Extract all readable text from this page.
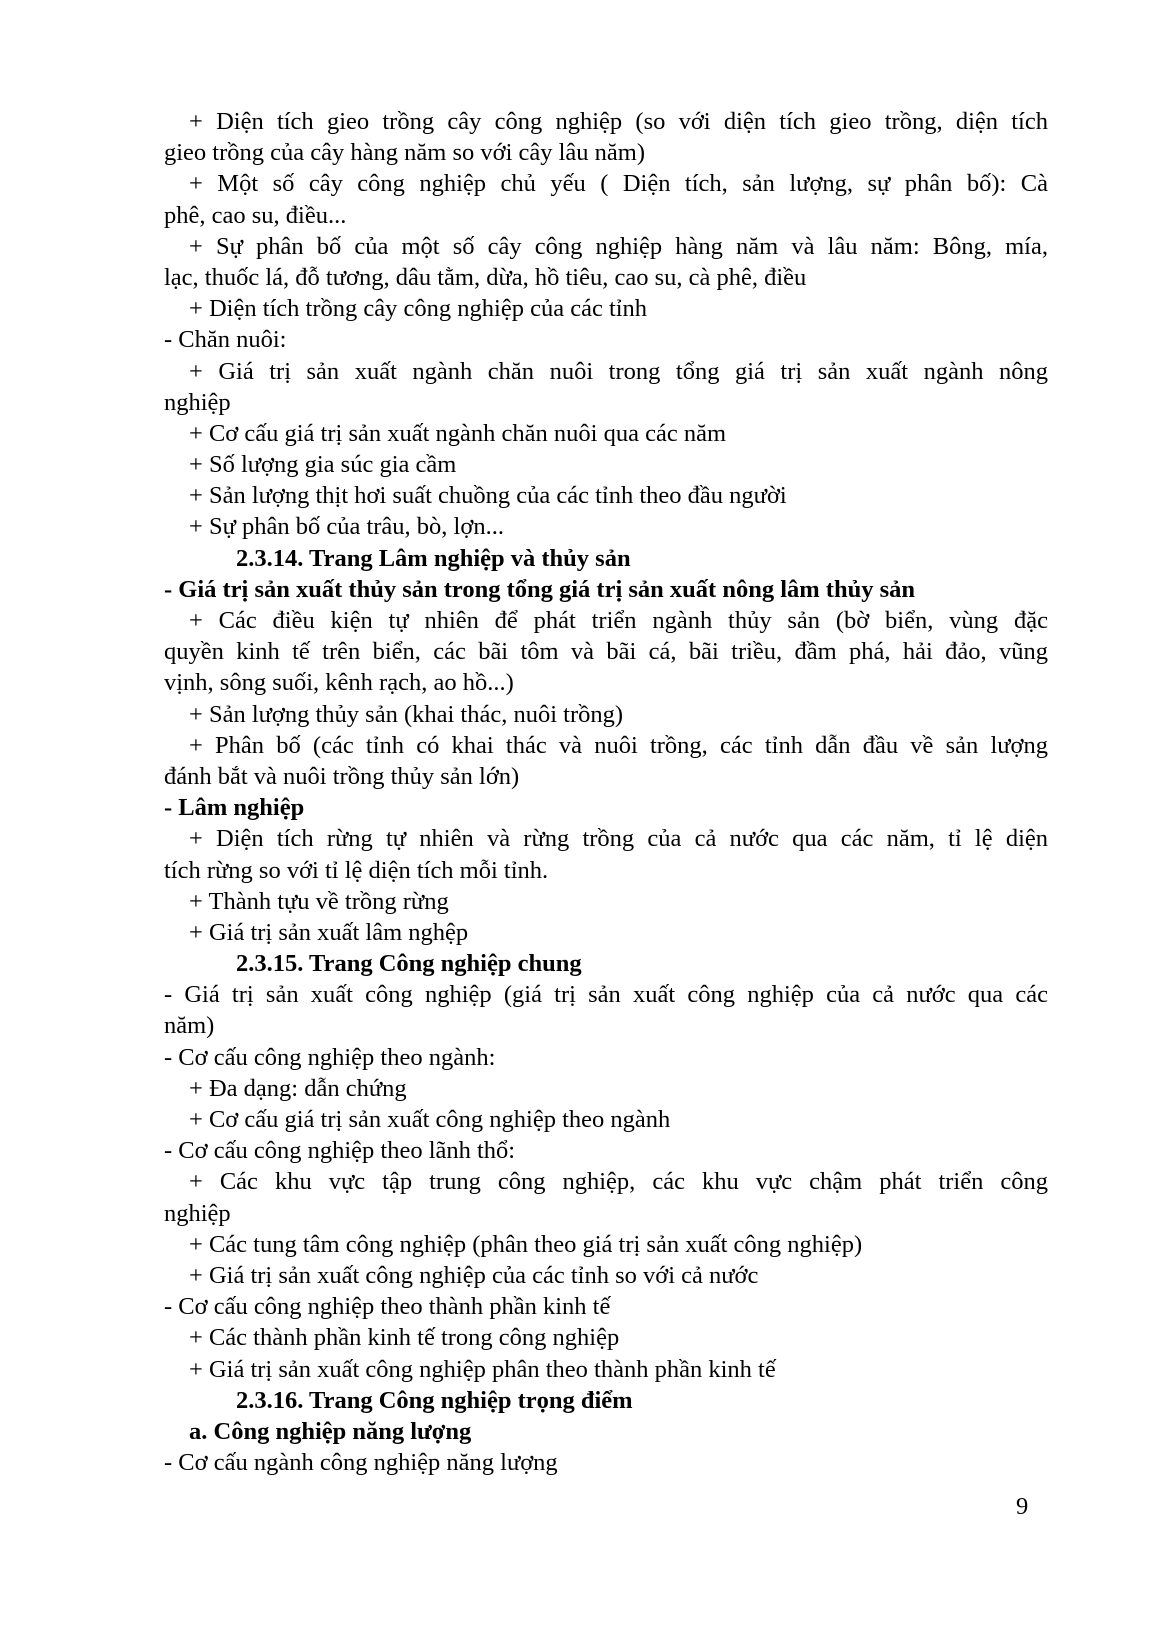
+ Diện tích gieo trồng cây công nghiệp (so với diện tích gieo trồng, diện tích
gieo trồng của cây hàng năm so với cây lâu năm)
+ Một số cây công nghiệp chủ yếu ( Diện tích, sản lượng, sự phân bố): Cà
phê, cao su, điều...
+ Sự phân bố của một số cây công nghiệp hàng năm và lâu năm: Bông, mía,
lạc, thuốc lá, đỗ tương, dâu tằm, dừa, hồ tiêu, cao su, cà phê, điều
+ Diện tích trồng cây công nghiệp của các tỉnh
- Chăn nuôi:
+ Giá trị sản xuất ngành chăn nuôi trong tổng giá trị sản xuất ngành nông
nghiệp
+ Cơ cấu giá trị sản xuất ngành chăn nuôi qua các năm
+ Số lượng gia súc gia cầm
+ Sản lượng thịt hơi suất chuồng của các tỉnh theo đầu người
+ Sự phân bố của trâu, bò, lợn...
2.3.14. Trang Lâm nghiệp và thủy sản
- Giá trị sản xuất thủy sản trong tổng giá trị sản xuất nông lâm thủy sản
+ Các điều kiện tự nhiên để phát triển ngành thủy sản (bờ biển, vùng đặc
quyền kinh tế trên biển, các bãi tôm và bãi cá, bãi triều, đầm phá, hải đảo, vũng
vịnh, sông suối, kênh rạch, ao hồ...)
+ Sản lượng thủy sản (khai thác, nuôi trồng)
+ Phân bố (các tỉnh có khai thác và nuôi trồng, các tỉnh dẫn đầu về sản lượng
đánh bắt và nuôi trồng thủy sản lớn)
- Lâm nghiệp
+ Diện tích rừng tự nhiên và rừng trồng của cả nước qua các năm, tỉ lệ diện
tích rừng so với tỉ lệ diện tích mỗi tỉnh.
+ Thành tựu về trồng rừng
+ Giá trị sản xuất lâm nghệp
2.3.15. Trang Công nghiệp chung
- Giá trị sản xuất công nghiệp (giá trị sản xuất công nghiệp của cả nước qua các
năm)
- Cơ cấu công nghiệp theo ngành:
+ Đa dạng: dẫn chứng
+ Cơ cấu giá trị sản xuất công nghiệp theo ngành
- Cơ cấu công nghiệp theo lãnh thổ:
+ Các khu vực tập trung công nghiệp, các khu vực chậm phát triển công
nghiệp
+ Các tung tâm công nghiệp (phân theo giá trị sản xuất công nghiệp)
+ Giá trị sản xuất công nghiệp của các tỉnh so với cả nước
- Cơ cấu công nghiệp theo thành phần kinh tế
+ Các thành phần kinh tế trong công nghiệp
+ Giá trị sản xuất công nghiệp phân theo thành phần kinh tế
2.3.16. Trang Công nghiệp trọng điểm
a. Công nghiệp năng lượng
- Cơ cấu ngành công nghiệp năng lượng
9
